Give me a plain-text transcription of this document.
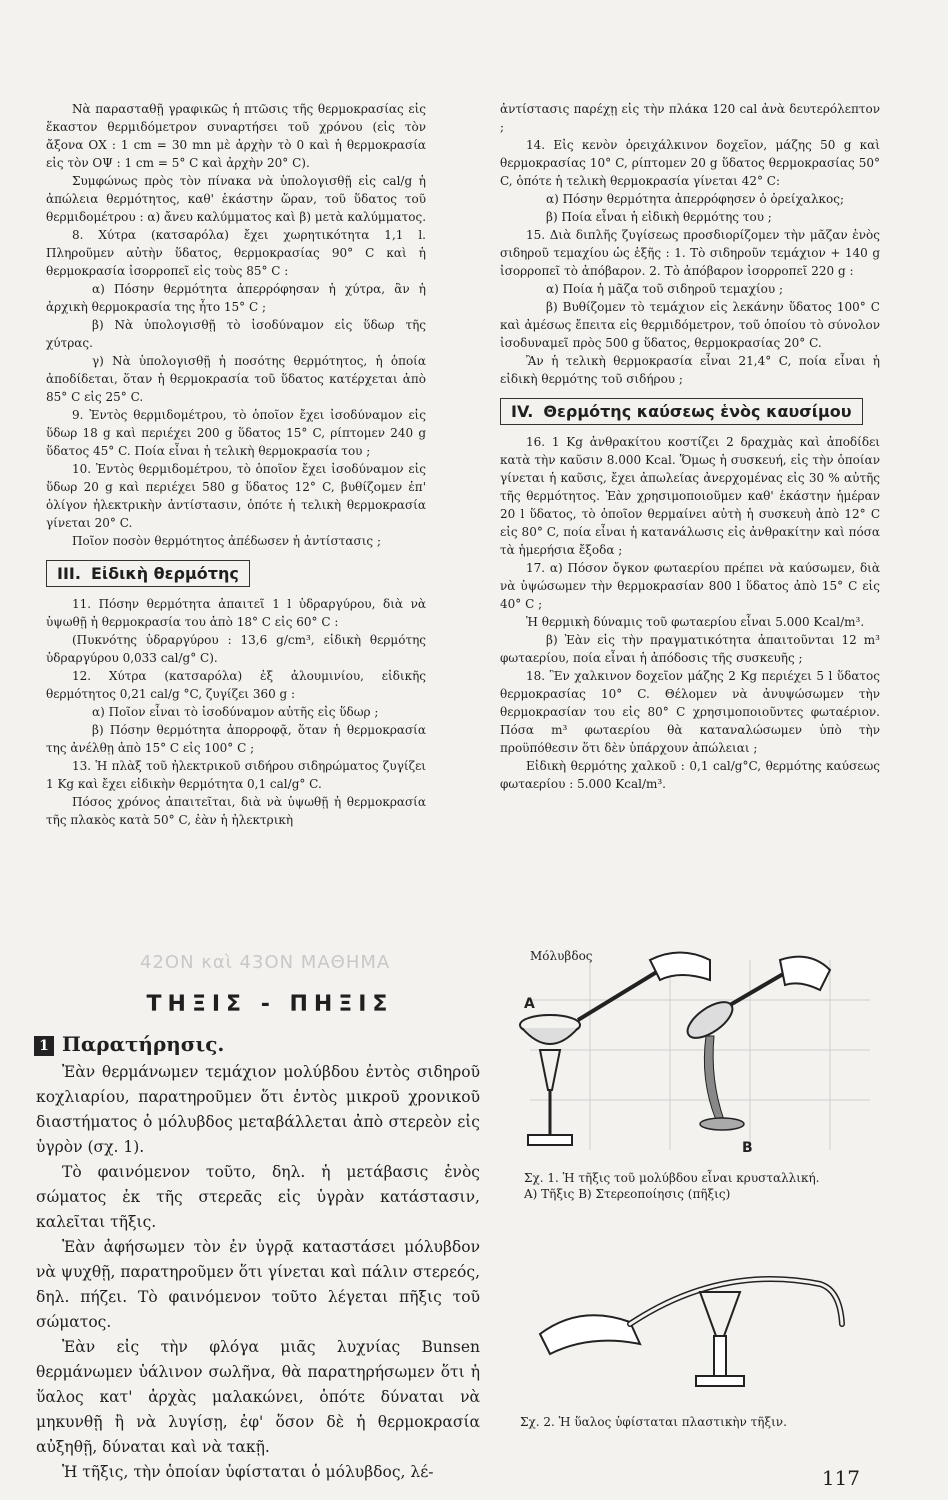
Νὰ παρασταθῇ γραφικῶς ἡ πτῶσις τῆς θερμοκρασίας εἰς ἕκαστον θερμιδόμετρον συναρτήσει τοῦ χρόνου (εἰς τὸν ἄξονα ΟΧ : 1 cm = 30 mn μὲ ἀρχὴν τὸ 0 καὶ ἡ θερμοκρασία εἰς τὸν ΟΨ : 1 cm = 5° C καὶ ἀρχὴν 20° C).

Συμφώνως πρὸς τὸν πίνακα νὰ ὑπολογισθῇ εἰς cal/g ἡ ἀπώλεια θερμότητος, καθ' ἑκάστην ὥραν, τοῦ ὕδατος τοῦ θερμιδομέτρου : α) ἄνευ καλύμματος καὶ β) μετὰ καλύμματος.

8. Χύτρα (κατσαρόλα) ἔχει χωρητικότητα 1,1 l. Πληροῦμεν αὐτὴν ὕδατος, θερμοκρασίας 90° C καὶ ἡ θερμοκρασία ἰσορροπεῖ εἰς τοὺς 85° C :

α) Πόσην θερμότητα ἀπερρόφησαν ἡ χύτρα, ἂν ἡ ἀρχικὴ θερμοκρασία της ἦτο 15° C ;

β) Νὰ ὑπολογισθῇ τὸ ἰσοδύναμον εἰς ὕδωρ τῆς χύτρας.

γ) Νὰ ὑπολογισθῇ ἡ ποσότης θερμότητος, ἡ ὁποία ἀποδίδεται, ὅταν ἡ θερμοκρασία τοῦ ὕδατος κατέρχεται ἀπὸ 85° C εἰς 25° C.

9. Ἐντὸς θερμιδομέτρου, τὸ ὁποῖον ἔχει ἰσοδύναμον εἰς ὕδωρ 18 g καὶ περιέχει 200 g ὕδατος 15° C, ρίπτομεν 240 g ὕδατος 45° C. Ποία εἶναι ἡ τελικὴ θερμοκρασία του ;

10. Ἐντὸς θερμιδομέτρου, τὸ ὁποῖον ἔχει ἰσοδύναμον εἰς ὕδωρ 20 g καὶ περιέχει 580 g ὕδατος 12° C, βυθίζομεν ἐπ' ὀλίγον ἠλεκτρικὴν ἀντίστασιν, ὁπότε ἡ τελικὴ θερμοκρασία γίνεται 20° C.

Ποῖον ποσὸν θερμότητος ἀπέδωσεν ἡ ἀντίστασις ;

III. Εἰδικὴ θερμότης

11. Πόσην θερμότητα ἀπαιτεῖ 1 l ὑδραργύρου, διὰ νὰ ὑψωθῇ ἡ θερμοκρασία του ἀπὸ 18° C εἰς 60° C :

(Πυκνότης ὑδραργύρου : 13,6 g/cm³, εἰδικὴ θερμότης ὑδραργύρου 0,033 cal/g° C).

12. Χύτρα (κατσαρόλα) ἐξ ἀλουμινίου, εἰδικῆς θερμότητος 0,21 cal/g °C, ζυγίζει 360 g :

α) Ποῖον εἶναι τὸ ἰσοδύναμον αὐτῆς εἰς ὕδωρ ;

β) Πόσην θερμότητα ἀπορροφᾷ, ὅταν ἡ θερμοκρασία της ἀνέλθῃ ἀπὸ 15° C εἰς 100° C ;

13. Ἡ πλὰξ τοῦ ἠλεκτρικοῦ σιδήρου σιδηρώματος ζυγίζει 1 Kg καὶ ἔχει εἰδικὴν θερμότητα 0,1 cal/g° C.

Πόσος χρόνος ἀπαιτεῖται, διὰ νὰ ὑψωθῇ ἡ θερμοκρασία τῆς πλακὸς κατὰ 50° C, ἐὰν ἡ ἠλεκτρικὴ

ἀντίστασις παρέχῃ εἰς τὴν πλάκα 120 cal ἀνὰ δευτερόλεπτον ;

14. Εἰς κενὸν ὀρειχάλκινον δοχεῖον, μάζης 50 g καὶ θερμοκρασίας 10° C, ρίπτομεν 20 g ὕδατος θερμοκρασίας 50° C, ὁπότε ἡ τελικὴ θερμοκρασία γίνεται 42° C:

α) Πόσην θερμότητα ἀπερρόφησεν ὁ ὀρείχαλκος;

β) Ποία εἶναι ἡ εἰδικὴ θερμότης του ;

15. Διὰ διπλῆς ζυγίσεως προσδιορίζομεν τὴν μᾶζαν ἑνὸς σιδηροῦ τεμαχίου ὡς ἑξῆς : 1. Τὸ σιδηροῦν τεμάχιον + 140 g ἰσορροπεῖ τὸ ἀπόβαρον. 2. Τὸ ἀπόβαρον ἰσορροπεῖ 220 g :

α) Ποία ἡ μᾶζα τοῦ σιδηροῦ τεμαχίου ;

β) Βυθίζομεν τὸ τεμάχιον εἰς λεκάνην ὕδατος 100° C καὶ ἀμέσως ἔπειτα εἰς θερμιδόμετρον, τοῦ ὁποίου τὸ σύνολον ἰσοδυναμεῖ πρὸς 500 g ὕδατος, θερμοκρασίας 20° C.

Ἂν ἡ τελικὴ θερμοκρασία εἶναι 21,4° C, ποία εἶναι ἡ εἰδικὴ θερμότης τοῦ σιδήρου ;

IV. Θερμότης καύσεως ἑνὸς καυσίμου

16. 1 Kg ἀνθρακίτου κοστίζει 2 δραχμὰς καὶ ἀποδίδει κατὰ τὴν καῦσιν 8.000 Kcal. Ὅμως ἡ συσκευή, εἰς τὴν ὁποίαν γίνεται ἡ καῦσις, ἔχει ἀπωλείας ἀνερχομένας εἰς 30 % αὐτῆς τῆς θερμότητος. Ἐὰν χρησιμοποιοῦμεν καθ' ἑκάστην ἡμέραν 20 l ὕδατος, τὸ ὁποῖον θερμαίνει αὐτὴ ἡ συσκευὴ ἀπὸ 12° C εἰς 80° C, ποία εἶναι ἡ κατανάλωσις εἰς ἀνθρακίτην καὶ πόσα τὰ ἡμερήσια ἔξοδα ;

17. α) Πόσον ὄγκον φωταερίου πρέπει νὰ καύσωμεν, διὰ νὰ ὑψώσωμεν τὴν θερμοκρασίαν 800 l ὕδατος ἀπὸ 15° C εἰς 40° C ;

Ἡ θερμικὴ δύναμις τοῦ φωταερίου εἶναι 5.000 Kcal/m³.

β) Ἐὰν εἰς τὴν πραγματικότητα ἀπαιτοῦνται 12 m³ φωταερίου, ποία εἶναι ἡ ἀπόδοσις τῆς συσκευῆς ;

18. Ἓν χαλκινον δοχεῖον μάζης 2 Kg περιέχει 5 l ὕδατος θερμοκρασίας 10° C. Θέλομεν νὰ ἀνυψώσωμεν τὴν θερμοκρασίαν του εἰς 80° C χρησιμοποιοῦντες φωταέριον. Πόσα m³ φωταερίου θὰ καταναλώσωμεν ὑπὸ τὴν προϋπόθεσιν ὅτι δὲν ὑπάρχουν ἀπώλειαι ;

Εἰδικὴ θερμότης χαλκοῦ : 0,1 cal/g°C, θερμότης καύσεως φωταερίου : 5.000 Kcal/m³.

42ΟΝ καὶ 43ΟΝ ΜΑΘΗΜΑ
ΤΗΞΙΣ - ΠΗΞΙΣ
1 Παρατήρησις.

Ἐὰν θερμάνωμεν τεμάχιον μολύβδου ἐντὸς σιδηροῦ κοχλιαρίου, παρατηροῦμεν ὅτι ἐντὸς μικροῦ χρονικοῦ διαστήματος ὁ μόλυβδος μεταβάλλεται ἀπὸ στερεὸν εἰς ὑγρὸν (σχ. 1).

Τὸ φαινόμενον τοῦτο, δηλ. ἡ μετάβασις ἑνὸς σώματος ἐκ τῆς στερεᾶς εἰς ὑγρὰν κατάστασιν, καλεῖται τῆξις.

Ἐὰν ἀφήσωμεν τὸν ἐν ὑγρᾷ καταστάσει μόλυβδον νὰ ψυχθῇ, παρατηροῦμεν ὅτι γίνεται καὶ πάλιν στερεός, δηλ. πήζει. Τὸ φαινόμενον τοῦτο λέγεται πῆξις τοῦ σώματος.

Ἐὰν εἰς τὴν φλόγα μιᾶς λυχνίας Bunsen θερμάνωμεν ὑάλινον σωλῆνα, θὰ παρατηρήσωμεν ὅτι ἡ ὕαλος κατ' ἀρχὰς μαλακώνει, ὁπότε δύναται νὰ μηκυνθῇ ἢ νὰ λυγίσῃ, ἐφ' ὅσον δὲ ἡ θερμοκρασία αὐξηθῇ, δύναται καὶ νὰ τακῇ.

Ἡ τῆξις, τὴν ὁποίαν ὑφίσταται ὁ μόλυβδος, λέ-

Μόλυβδος
A
B
Σχ. 1. Ἡ τῆξις τοῦ μολύβδου εἶναι κρυσταλλική.
Α) Τῆξις Β) Στερεοποίησις (πῆξις)
Σχ. 2. Ἡ ὕαλος ὑφίσταται πλαστικὴν τῆξιν.
117
